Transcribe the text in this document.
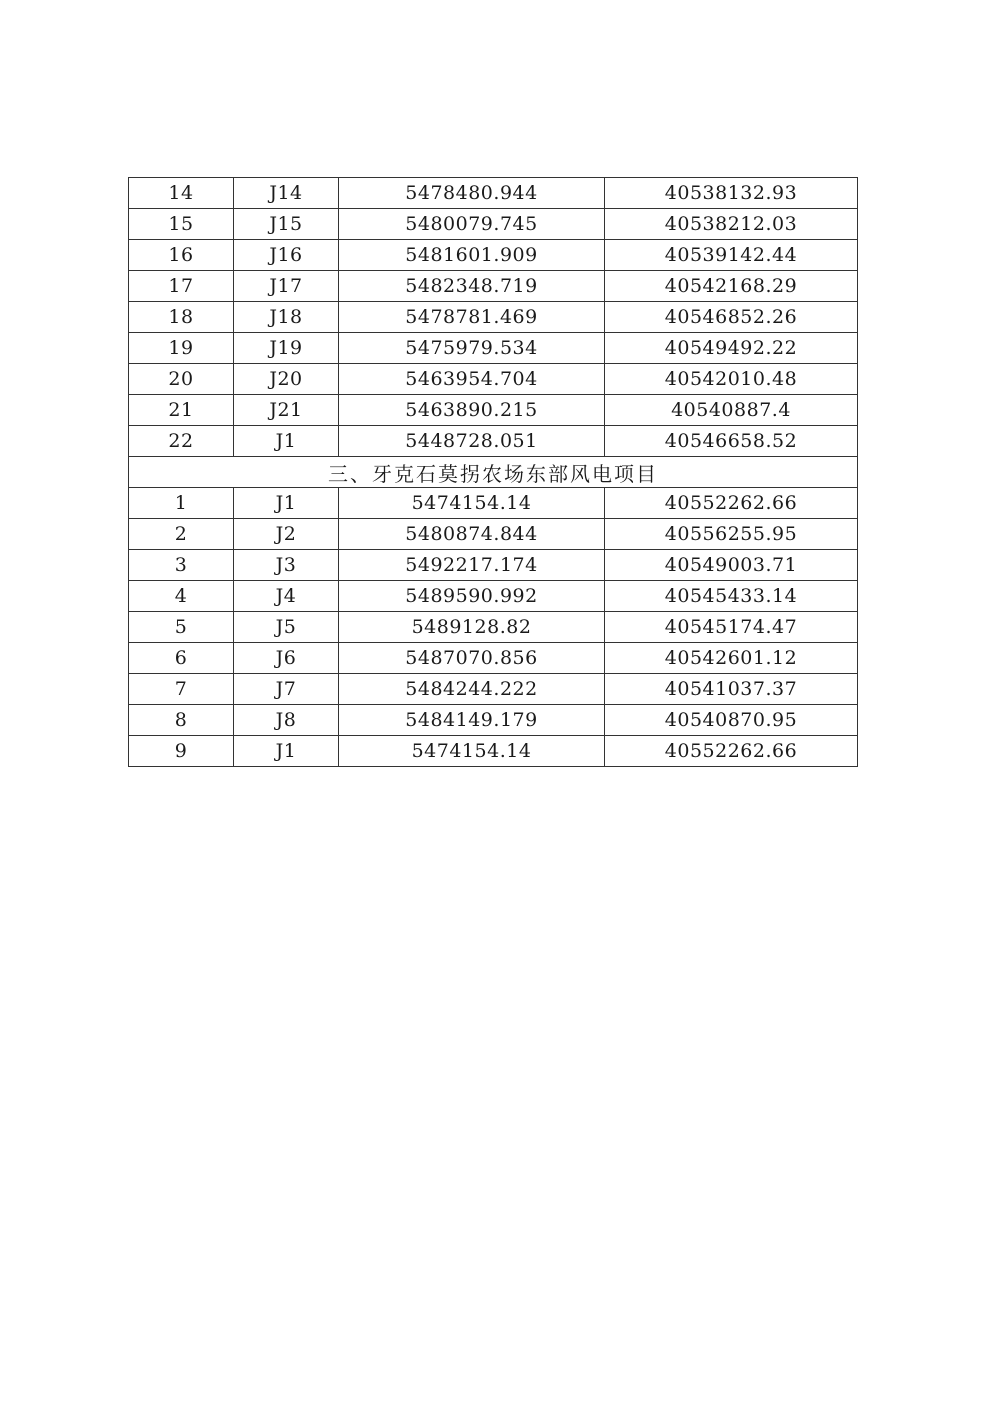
14	J14	5478480.944	40538132.93
15	J15	5480079.745	40538212.03
16	J16	5481601.909	40539142.44
17	J17	5482348.719	40542168.29
18	J18	5478781.469	40546852.26
19	J19	5475979.534	40549492.22
20	J20	5463954.704	40542010.48
21	J21	5463890.215	40540887.4
22	J1	5448728.051	40546658.52
三、牙克石莫拐农场东部风电项目			
1	J1	5474154.14	40552262.66
2	J2	5480874.844	40556255.95
3	J3	5492217.174	40549003.71
4	J4	5489590.992	40545433.14
5	J5	5489128.82	40545174.47
6	J6	5487070.856	40542601.12
7	J7	5484244.222	40541037.37
8	J8	5484149.179	40540870.95
9	J1	5474154.14	40552262.66
